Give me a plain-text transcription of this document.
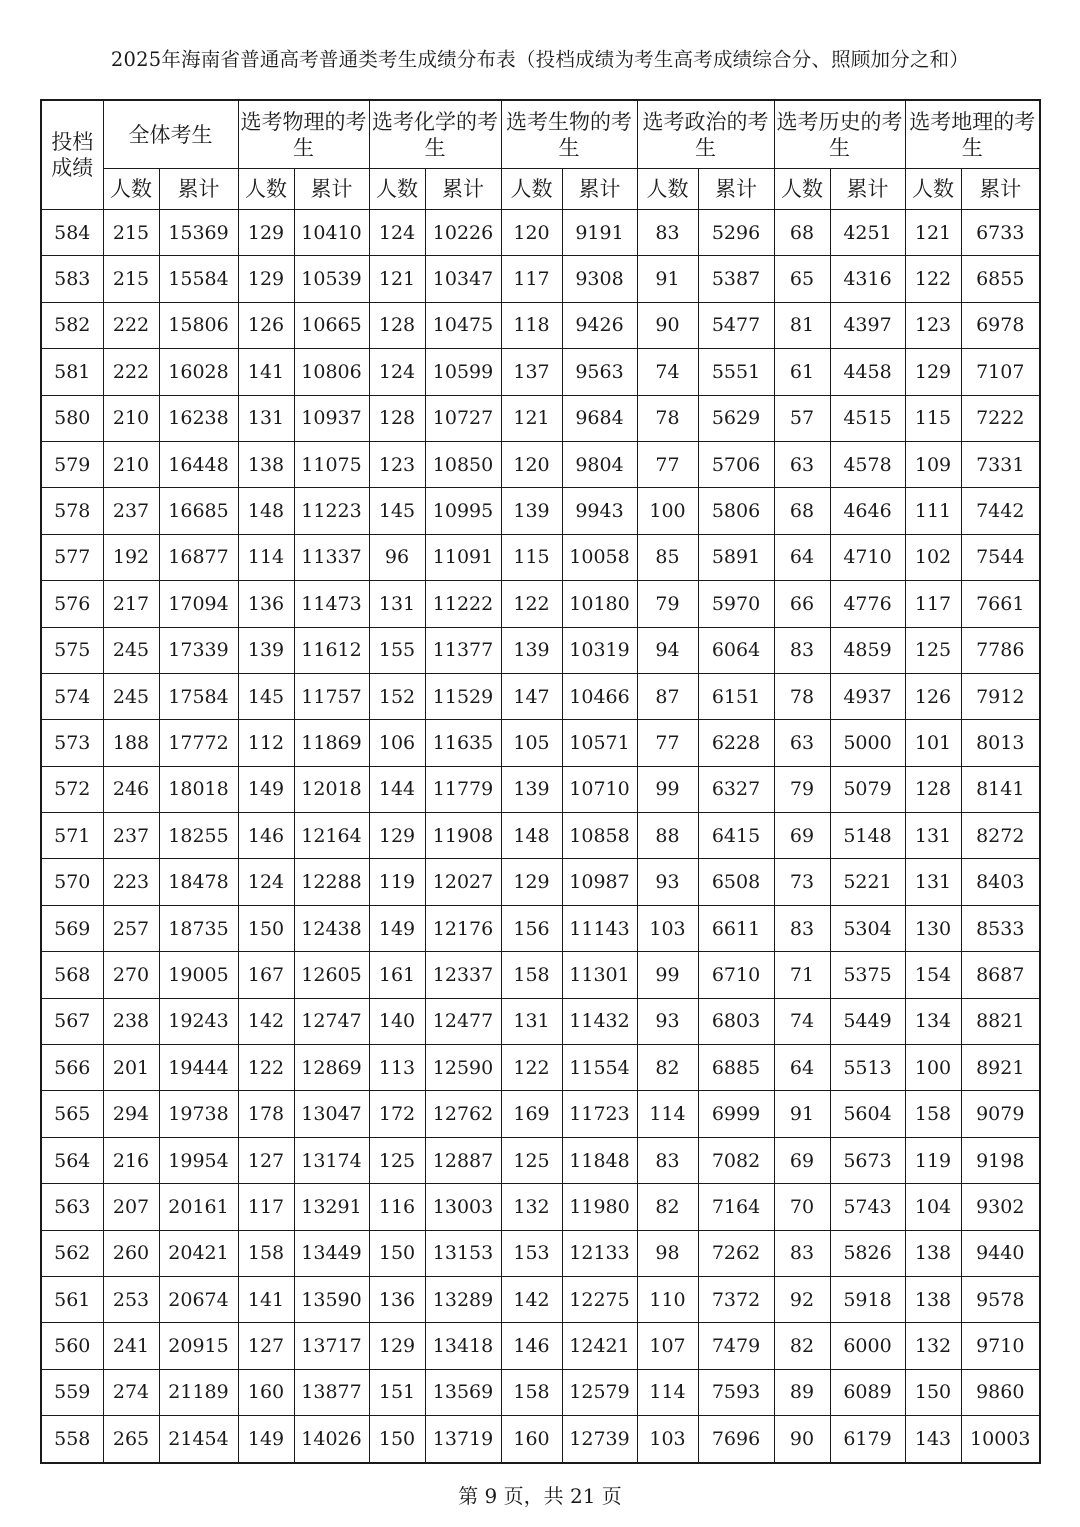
2025年海南省普通高考普通类考生成绩分布表（投档成绩为考生高考成绩综合分、照顾加分之和）
投档成绩	全体考生		选考物理的考生		选考化学的考生		选考生物的考生		选考政治的考生		选考历史的考生		选考地理的考生	
	人数	累计	人数	累计	人数	累计	人数	累计	人数	累计	人数	累计	人数	累计
584	215	15369	129	10410	124	10226	120	9191	83	5296	68	4251	121	6733
583	215	15584	129	10539	121	10347	117	9308	91	5387	65	4316	122	6855
582	222	15806	126	10665	128	10475	118	9426	90	5477	81	4397	123	6978
581	222	16028	141	10806	124	10599	137	9563	74	5551	61	4458	129	7107
580	210	16238	131	10937	128	10727	121	9684	78	5629	57	4515	115	7222
579	210	16448	138	11075	123	10850	120	9804	77	5706	63	4578	109	7331
578	237	16685	148	11223	145	10995	139	9943	100	5806	68	4646	111	7442
577	192	16877	114	11337	96	11091	115	10058	85	5891	64	4710	102	7544
576	217	17094	136	11473	131	11222	122	10180	79	5970	66	4776	117	7661
575	245	17339	139	11612	155	11377	139	10319	94	6064	83	4859	125	7786
574	245	17584	145	11757	152	11529	147	10466	87	6151	78	4937	126	7912
573	188	17772	112	11869	106	11635	105	10571	77	6228	63	5000	101	8013
572	246	18018	149	12018	144	11779	139	10710	99	6327	79	5079	128	8141
571	237	18255	146	12164	129	11908	148	10858	88	6415	69	5148	131	8272
570	223	18478	124	12288	119	12027	129	10987	93	6508	73	5221	131	8403
569	257	18735	150	12438	149	12176	156	11143	103	6611	83	5304	130	8533
568	270	19005	167	12605	161	12337	158	11301	99	6710	71	5375	154	8687
567	238	19243	142	12747	140	12477	131	11432	93	6803	74	5449	134	8821
566	201	19444	122	12869	113	12590	122	11554	82	6885	64	5513	100	8921
565	294	19738	178	13047	172	12762	169	11723	114	6999	91	5604	158	9079
564	216	19954	127	13174	125	12887	125	11848	83	7082	69	5673	119	9198
563	207	20161	117	13291	116	13003	132	11980	82	7164	70	5743	104	9302
562	260	20421	158	13449	150	13153	153	12133	98	7262	83	5826	138	9440
561	253	20674	141	13590	136	13289	142	12275	110	7372	92	5918	138	9578
560	241	20915	127	13717	129	13418	146	12421	107	7479	82	6000	132	9710
559	274	21189	160	13877	151	13569	158	12579	114	7593	89	6089	150	9860
558	265	21454	149	14026	150	13719	160	12739	103	7696	90	6179	143	10003
第 9 页，共 21 页
